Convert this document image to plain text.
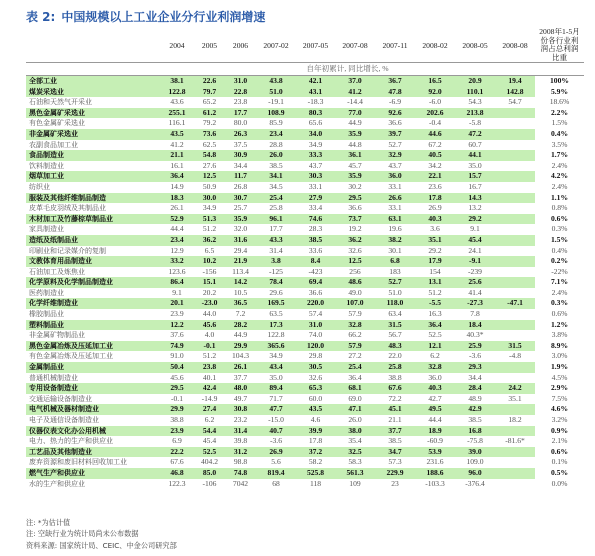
表 2: 中国规模以上工业企业分行业利润增速
	2004	2005	2006	2007-02	2007-05	2007-08	2007-11	2008-02	2008-05	2008-08	2008年1-5月份各行业利润占总利润比重
	自年初累计, 同比增长, %										
全部工业	38.1	22.6	31.0	43.8	42.1	37.0	36.7	16.5	20.9	19.4	100%
煤炭采选业	122.8	79.7	22.8	51.0	43.1	41.2	47.8	92.0	110.1	142.8	5.9%
石油和天然气开采业	43.6	65.2	23.8	-19.1	-18.3	-14.4	-6.9	-6.0	54.3	54.7	18.6%
黑色金属矿采选业	255.1	61.2	17.7	108.9	80.3	77.0	92.6	202.6	213.8		2.2%
有色金属矿采选业	116.1	79.2	80.0	85.9	65.6	44.9	36.6	-0.4	-5.8		1.5%
非金属矿采选业	43.5	73.6	26.3	23.4	34.0	35.9	39.7	44.6	47.2		0.4%
农副食品加工业	41.2	62.5	37.5	28.8	34.9	44.8	52.7	67.2	60.7		3.5%
食品制造业	21.1	54.8	30.9	26.0	33.3	36.1	32.9	40.5	44.1		1.7%
饮料制造业	16.1	27.6	34.4	38.5	43.7	45.7	43.7	34.2	35.0		2.4%
烟草加工业	36.4	12.5	11.7	34.1	30.3	35.9	36.0	22.1	15.7		4.2%
纺织业	14.9	50.9	26.8	34.5	33.1	30.2	33.1	23.6	16.7		2.4%
服装及其他纤维制品制造	18.3	30.0	30.7	25.4	27.9	29.5	26.6	17.8	14.3		1.1%
皮革毛皮羽绒及其制品业	26.1	34.9	25.7	25.8	33.4	36.6	33.1	26.9	13.2		0.8%
木材加工及竹藤棕草制品业	52.9	51.3	35.9	96.1	74.6	73.7	63.1	40.3	29.2		0.6%
家具制造业	44.4	51.2	32.0	17.7	28.3	19.2	19.6	3.6	9.1		0.3%
造纸及纸制品业	23.4	36.2	31.6	43.3	38.5	36.2	38.2	35.1	45.4		1.5%
印刷业和记录媒介的复制	12.9	6.5	29.4	31.4	33.6	32.6	30.1	29.2	24.1		0.4%
文教体育用品制造业	33.2	10.2	21.9	3.8	8.4	12.5	6.8	17.9	-9.1		0.2%
石油加工及炼焦业	123.6	-156	113.4	-125	-423	256	183	154	-239		-22%
化学原料及化学制品制造业	86.4	15.1	14.2	78.4	69.4	48.6	52.7	13.1	25.6		7.1%
医药制造业	9.1	20.2	10.5	29.6	36.6	49.0	51.0	51.2	41.4		2.4%
化学纤维制造业	20.1	-23.0	36.5	169.5	220.0	107.0	118.0	-5.5	-27.3	-47.1	0.3%
橡胶制品业	23.9	44.0	7.2	63.5	57.4	57.9	63.4	16.3	7.8		0.6%
塑料制品业	12.2	45.6	28.2	17.3	31.0	32.8	31.5	36.4	18.4		1.2%
非金属矿物制品业	37.6	4.0	44.9	122.8	74.0	66.2	56.7	52.5	40.3*		3.8%
黑色金属冶炼及压延加工业	74.9	-0.1	29.9	365.6	120.0	57.9	48.3	12.1	25.9	31.5	8.9%
有色金属冶炼及压延加工业	91.0	51.2	104.3	34.9	29.8	27.2	22.0	6.2	-3.6	-4.8	3.0%
金属制品业	50.4	23.8	26.1	43.4	30.5	25.4	25.8	32.8	29.3		1.9%
普通机械制造业	45.6	40.1	37.7	35.0	32.6	36.4	38.8	36.0	34.4		4.5%
专用设备制造业	29.5	42.4	48.0	89.4	65.3	68.1	67.6	40.3	28.4	24.2	2.9%
交通运输设备制造业	-0.1	-14.9	49.7	71.7	60.0	69.0	72.2	42.7	48.9	35.1	7.5%
电气机械及器材制造业	29.9	27.4	30.8	47.7	43.5	47.1	45.1	49.5	42.9		4.6%
电子及通信设备制造业	38.8	6.2	23.2	-15.0	4.6	26.0	21.1	44.4	38.5	18.2	3.2%
仪器仪表文化办公用机械	23.9	54.4	31.4	40.7	39.9	38.0	37.7	18.9	16.8		0.9%
电力、热力的生产和供应业	6.9	45.4	39.8	-3.6	17.8	35.4	38.5	-60.9	-75.8	-81.6*	2.1%
工艺品及其他制造业	22.2	52.5	31.2	26.9	37.2	32.5	34.7	53.9	39.0		0.6%
废弃资源和废旧材料回收加工业	67.6	404.2	98.8	5.6	58.2	58.3	57.3	231.6	109.0		0.1%
燃气生产和供应业	46.8	85.0	74.8	819.4	525.8	561.3	229.9	188.6	96.0		0.5%
水的生产和供应业	122.3	-106	7042	68	118	109	23	-103.3	-376.4		0.0%
注: 空缺行业为统计局尚未公布数据
注: *为估计值
资料来源: 国家统计局、CEIC、中金公司研究部
